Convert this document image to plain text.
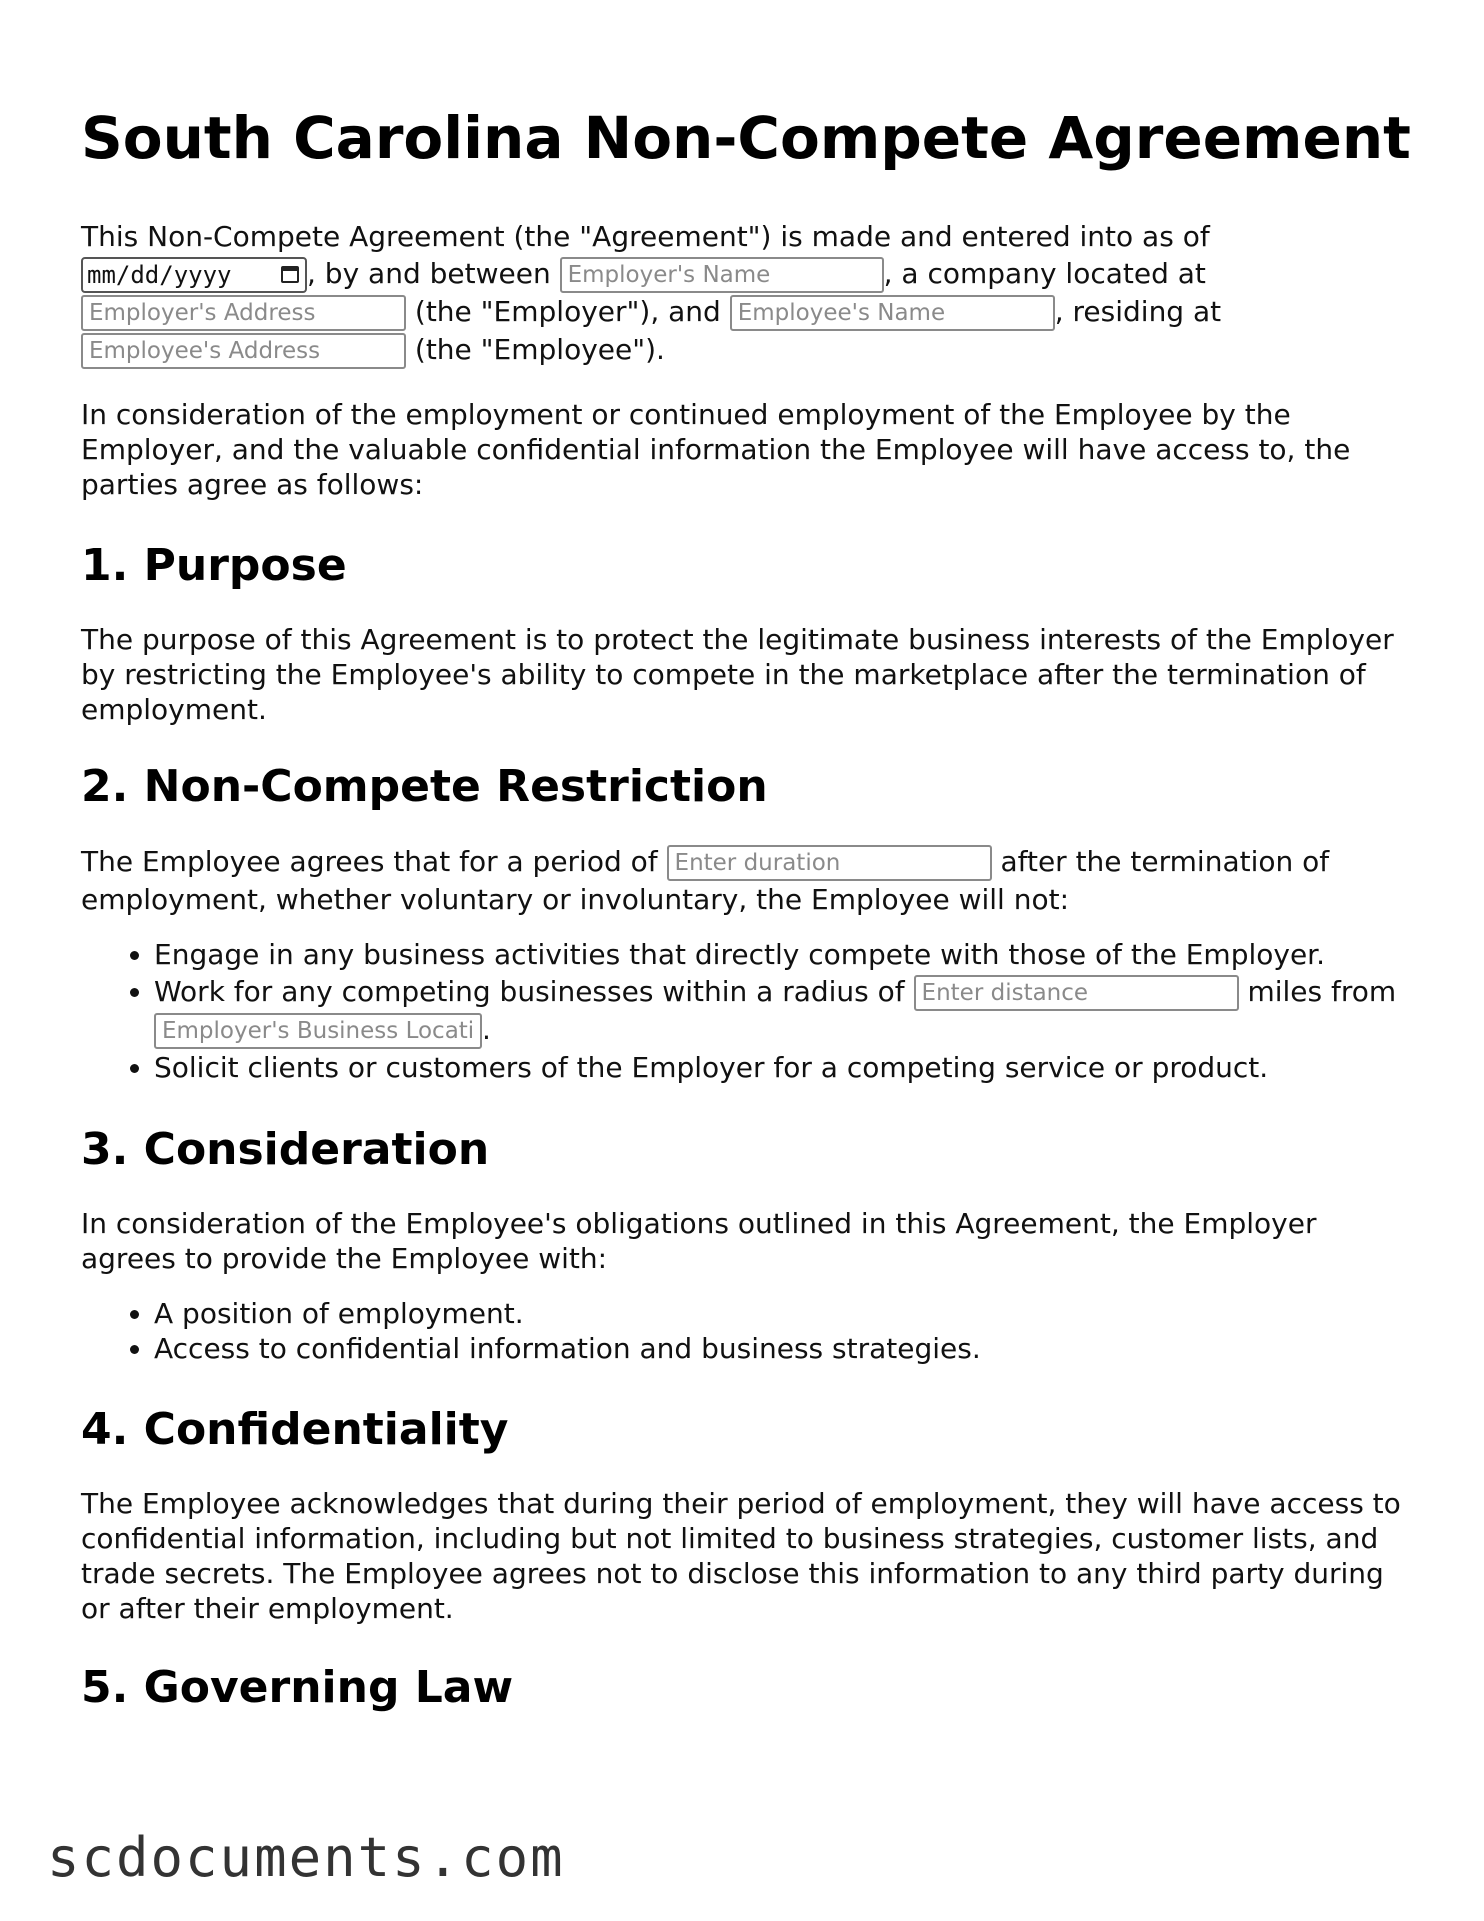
South Carolina Non-Compete Agreement

This Non-Compete Agreement (the "Agreement") is made and entered into as of
mm/dd/yyyy	, by and between Employer's Name	, a company located at
Employer's Address (the "Employer"), and Employee's Name	, residing at
Employee's Address (the "Employee").

In consideration of the employment or continued employment of the Employee by the Employer, and the valuable confidential information the Employee will have access to, the parties agree as follows:

1. Purpose

The purpose of this Agreement is to protect the legitimate business interests of the Employer by restricting the Employee's ability to compete in the marketplace after the termination of employment.

2. Non-Compete Restriction

The Employee agrees that for a period of Enter duration	after the termination of employment, whether voluntary or involuntary, the Employee will not:

• Engage in any business activities that directly compete with those of the Employer.
• Work for any competing businesses within a radius of Enter distance	miles from Employer's Business Location.
• Solicit clients or customers of the Employer for a competing service or product.
3. Consideration

In consideration of the Employee's obligations outlined in this Agreement, the Employer agrees to provide the Employee with:

• A position of employment.
• Access to confidential information and business strategies.
4. Confidentiality

The Employee acknowledges that during their period of employment, they will have access to confidential information, including but not limited to business strategies, customer lists, and trade secrets. The Employee agrees not to disclose this information to any third party during or after their employment.

5. Governing Law
scdocuments.com
